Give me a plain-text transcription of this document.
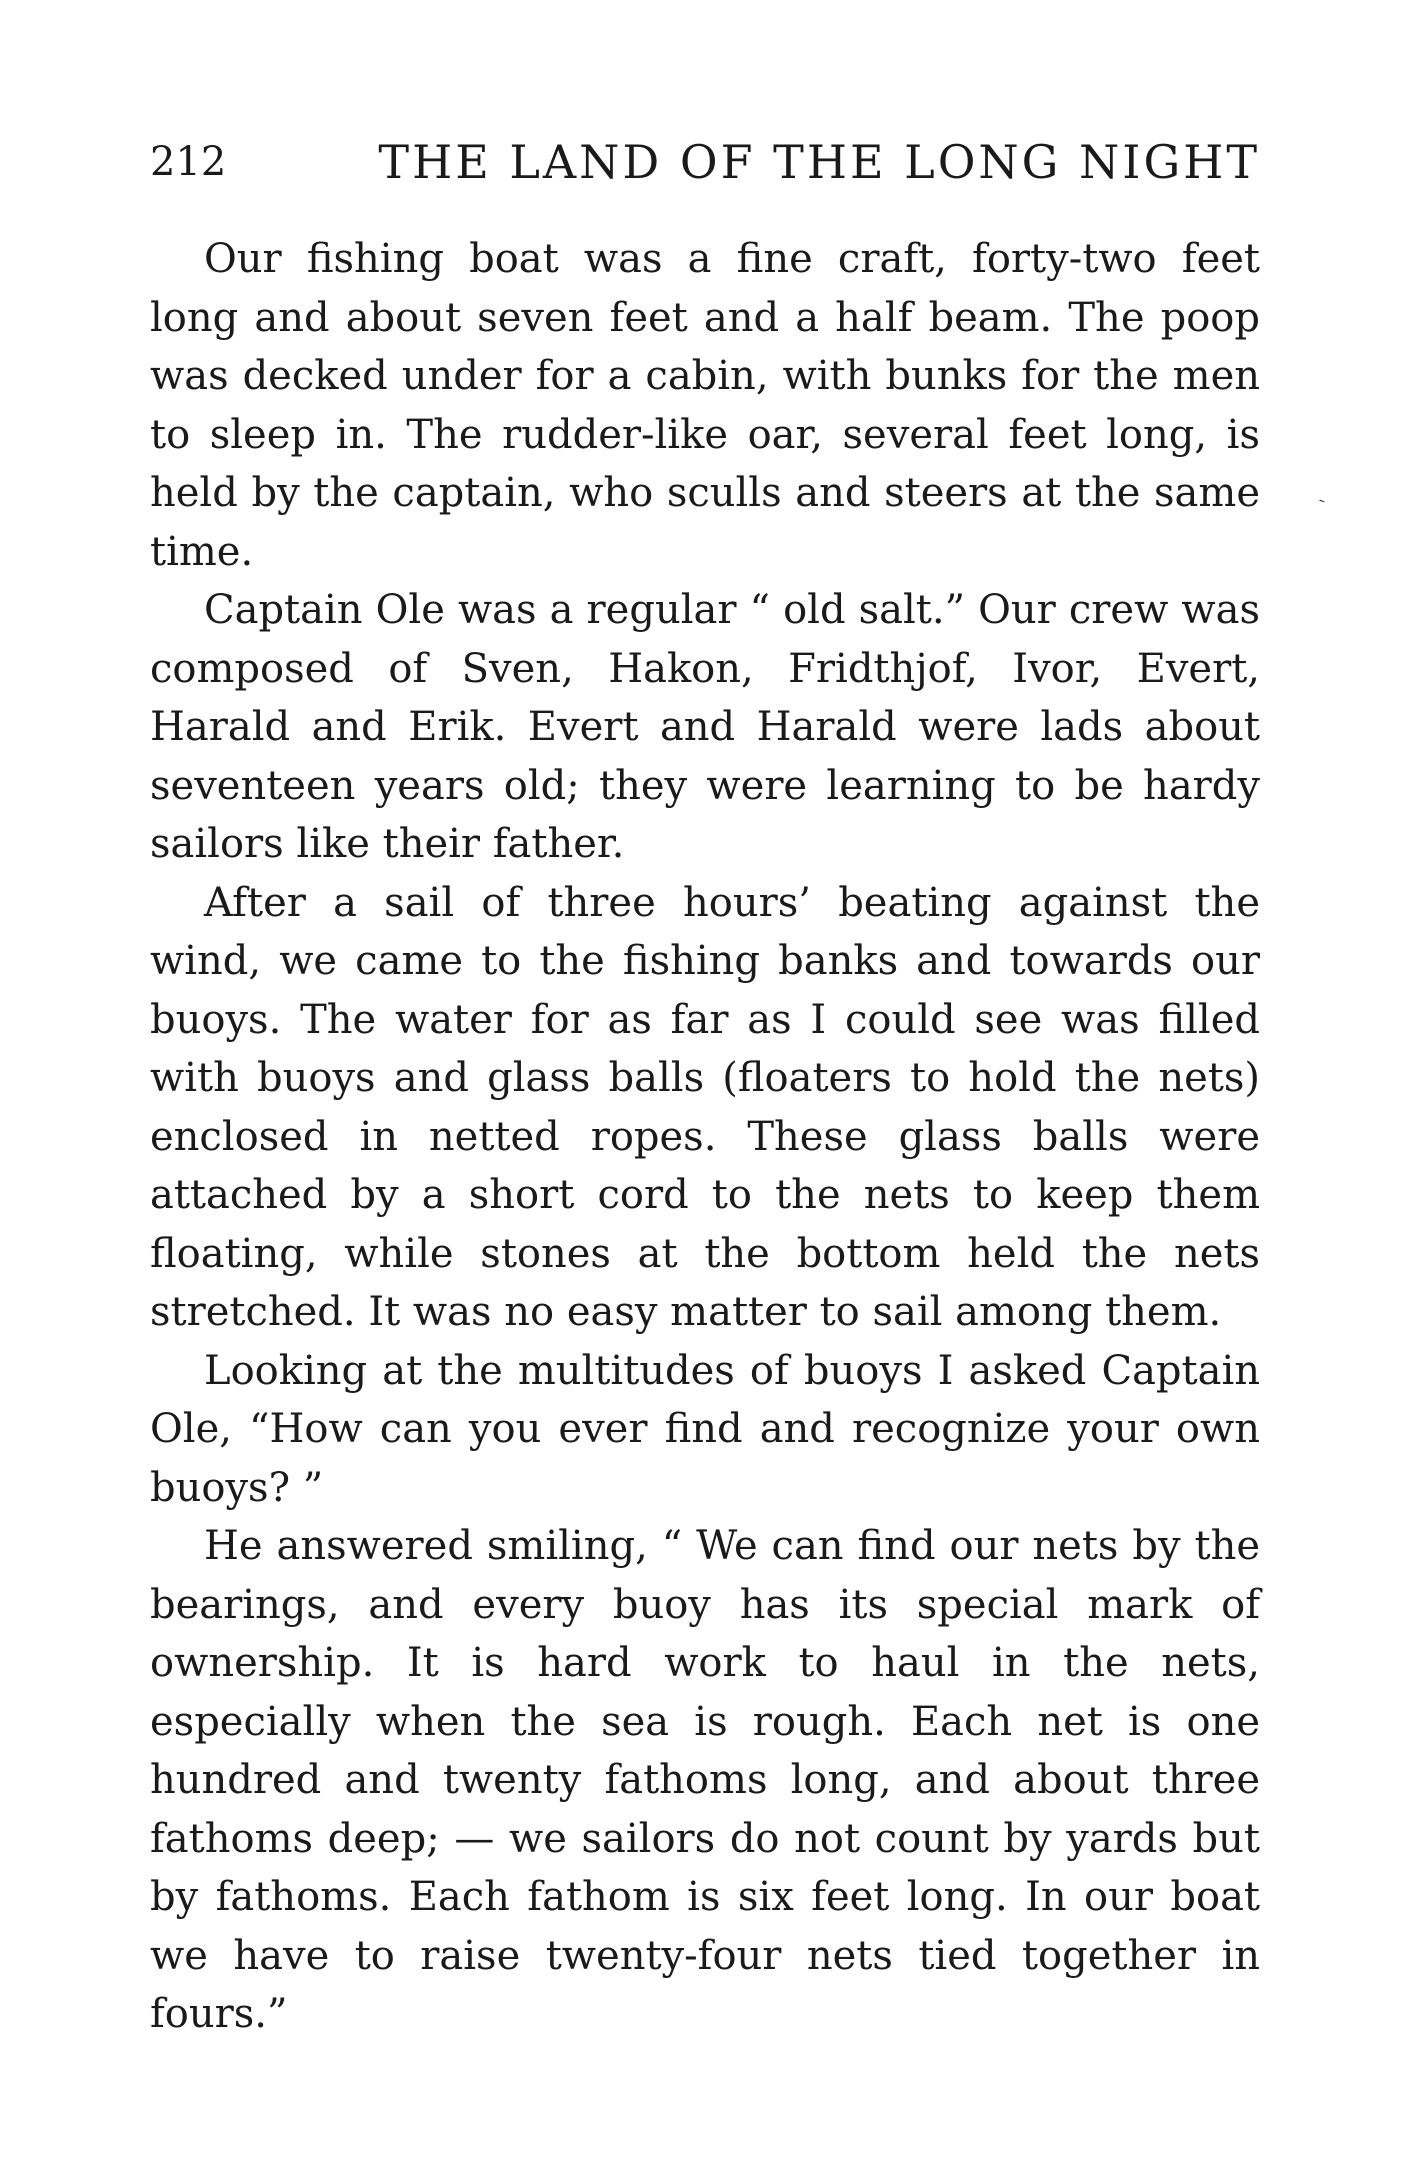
212	THE LAND OF THE LONG NIGHT

Our fishing boat was a fine craft, forty-two feet long and about seven feet and a half beam. The poop was decked under for a cabin, with bunks for the men to sleep in. The rudder-like oar, several feet long, is held by the captain, who sculls and steers at the same time.

Captain Ole was a regular “ old salt.” Our crew was composed of Sven, Hakon, Fridthjof, Ivor, Evert, Harald and Erik. Evert and Harald were lads about seventeen years old; they were learning to be hardy sailors like their father.

After a sail of three hours’ beating against the wind, we came to the fishing banks and towards our buoys. The water for as far as I could see was filled with buoys and glass balls (floaters to hold the nets) enclosed in netted ropes. These glass balls were attached by a short cord to the nets to keep them floating, while stones at the bottom held the nets stretched. It was no easy matter to sail among them.

Looking at the multitudes of buoys I asked Captain Ole, “How can you ever find and recognize your own buoys? ”

He answered smiling, “ We can find our nets by the bearings, and every buoy has its special mark of ownership. It is hard work to haul in the nets, especially when the sea is rough. Each net is one hundred and twenty fathoms long, and about three fathoms deep; — we sailors do not count by yards but by fathoms. Each fathom is six feet long. In our boat we have to raise twenty-four nets tied together in fours.”

ˋ
